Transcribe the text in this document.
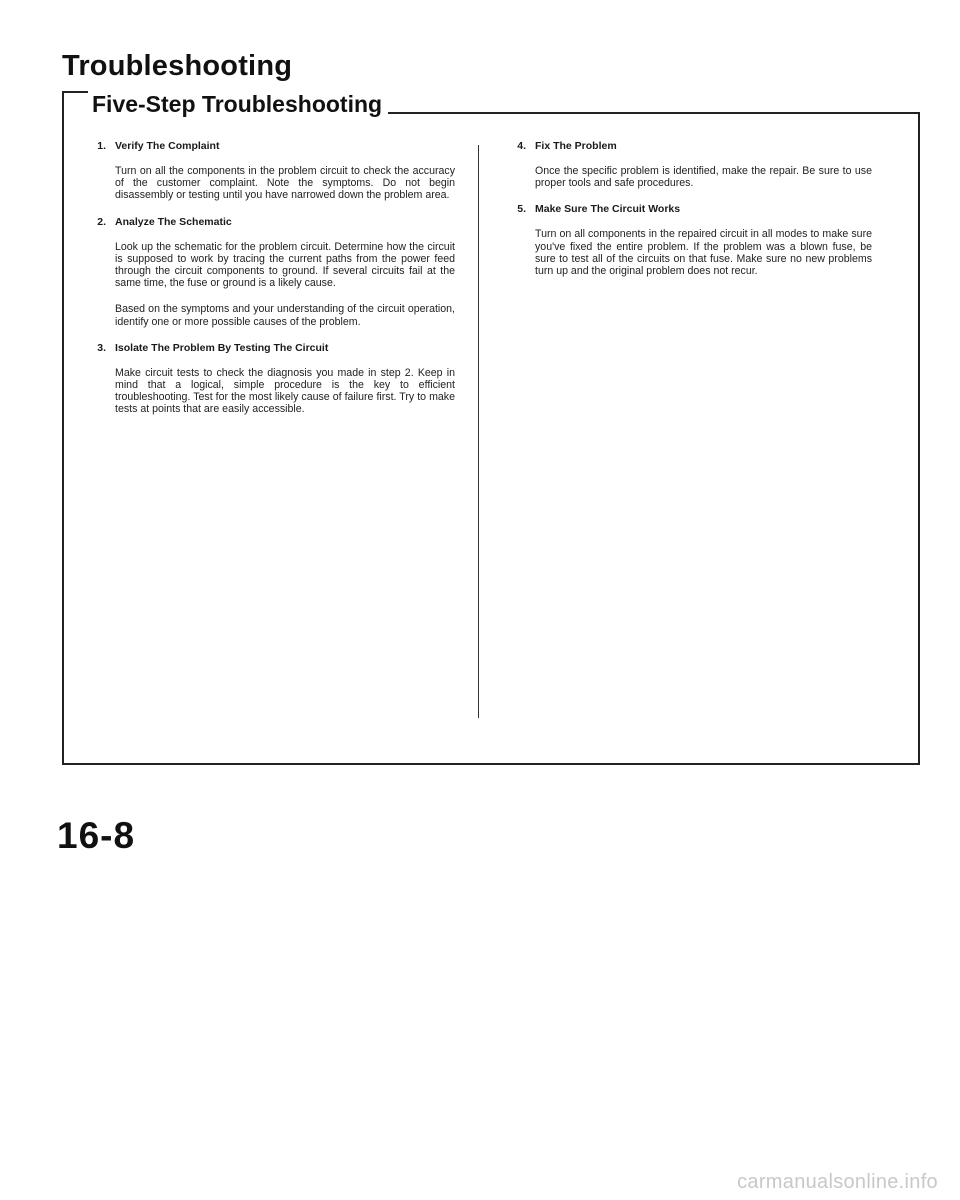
Troubleshooting
Five-Step Troubleshooting
1. Verify The Complaint

Turn on all the components in the problem circuit to check the accuracy of the customer complaint. Note the symptoms. Do not begin disassembly or testing until you have narrowed down the problem area.

2. Analyze The Schematic

Look up the schematic for the problem circuit. Determine how the circuit is supposed to work by tracing the current paths from the power feed through the circuit components to ground. If several circuits fail at the same time, the fuse or ground is a likely cause.

Based on the symptoms and your understanding of the circuit operation, identify one or more possible causes of the problem.

3. Isolate The Problem By Testing The Circuit

Make circuit tests to check the diagnosis you made in step 2. Keep in mind that a logical, simple procedure is the key to efficient troubleshooting. Test for the most likely cause of failure first. Try to make tests at points that are easily accessible.

4. Fix The Problem

Once the specific problem is identified, make the repair. Be sure to use proper tools and safe procedures.

5. Make Sure The Circuit Works

Turn on all components in the repaired circuit in all modes to make sure you've fixed the entire problem. If the problem was a blown fuse, be sure to test all of the circuits on that fuse. Make sure no new problems turn up and the original problem does not recur.

16-8
carmanualsonline.info
